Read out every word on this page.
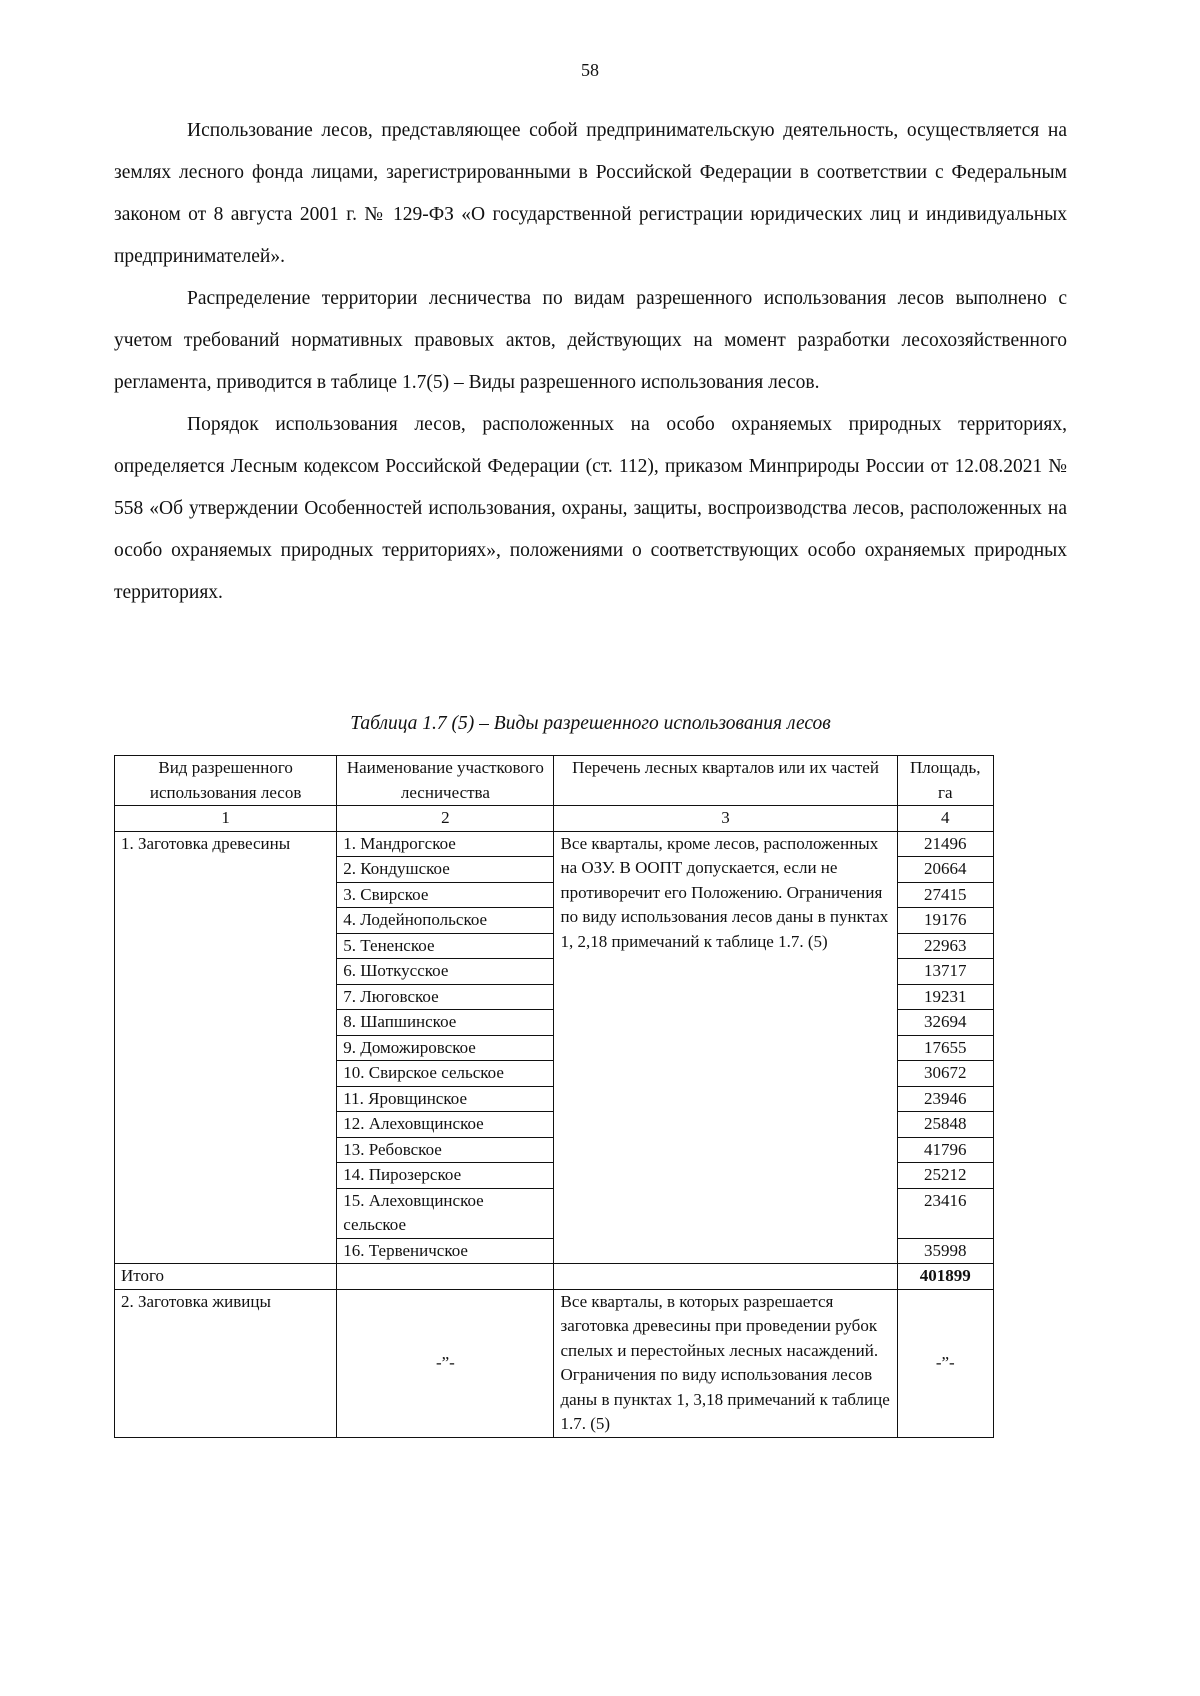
58

Использование лесов, представляющее собой предпринимательскую деятельность, осуществляется на землях лесного фонда лицами, зарегистрированными в Российской Федерации в соответствии с Федеральным законом от 8 августа 2001 г. № 129-ФЗ «О государственной регистрации юридических лиц и индивидуальных предпринимателей».

Распределение территории лесничества по видам разрешенного использования лесов выполнено с учетом требований нормативных правовых актов, действующих на момент разработки лесохозяйственного регламента, приводится в таблице 1.7(5) – Виды разрешенного использования лесов.

Порядок использования лесов, расположенных на особо охраняемых природных территориях, определяется Лесным кодексом Российской Федерации (ст. 112), приказом Минприроды России от 12.08.2021 № 558 «Об утверждении Особенностей использования, охраны, защиты, воспроизводства лесов, расположенных на особо охраняемых природных территориях», положениями о соответствующих особо охраняемых природных территориях.

Таблица 1.7 (5) – Виды разрешенного использования лесов
Вид разрешенного использования лесов	Наименование участкового лесничества	Перечень лесных кварталов или их частей	Площадь, га
1	2	3	4
1. Заготовка древесины	1. Мандрогское	Все кварталы, кроме лесов, расположенных на ОЗУ. В ООПТ допускается, если не противоречит его Положению. Ограничения по виду использования лесов даны в пунктах 1, 2,18 примечаний к таблице 1.7. (5)	21496
	2. Кондушское		20664
	3. Свирское		27415
	4. Лодейнопольское		19176
	5. Тененское		22963
	6. Шоткусское		13717
	7. Люговское		19231
	8. Шапшинское		32694
	9. Доможировское		17655
	10. Свирское сельское		30672
	11. Яровщинское		23946
	12. Алеховщинское		25848
	13. Ребовское		41796
	14. Пирозерское		25212
	15. Алеховщинское сельское		23416
	16. Тервеничское		35998
Итого			401899
2. Заготовка живицы	-”-	Все кварталы, в которых разрешается заготовка древесины при проведении рубок спелых и перестойных лесных насаждений. Ограничения по виду использования лесов даны в пунктах 1, 3,18 примечаний к таблице 1.7. (5)	-”-
